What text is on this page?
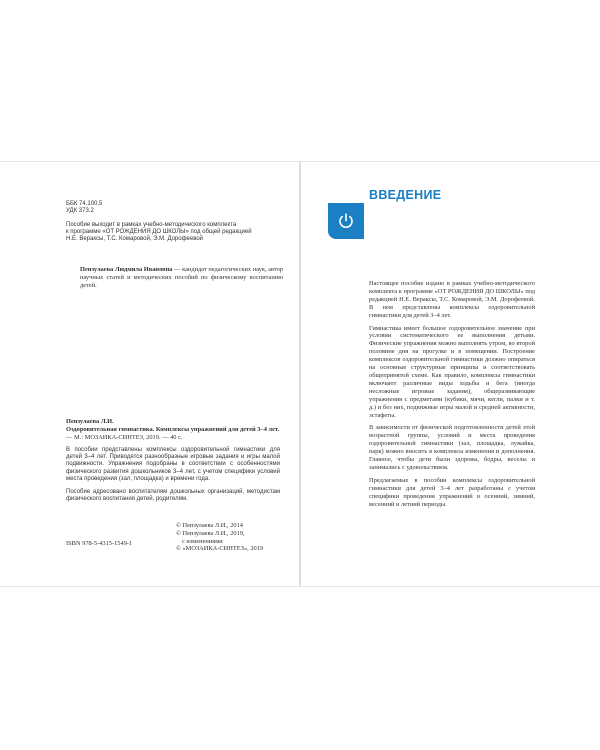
ББК 74.100.5
УДК 373.2
Пособие выходит в рамках учебно-методического комплекта
к программе «ОТ РОЖДЕНИЯ ДО ШКОЛЫ» под общей редакцией
Н.Е. Вераксы, Т.С. Комаровой, Э.М. Дорофеевой
Пензулаева Людмила Ивановна — кандидат педагогических наук, автор научных статей и методических пособий по физическому воспитанию детей.
Пензулаева Л.И.
Оздоровительная гимнастика. Комплексы упражнений для детей 3–4 лет. — М.: МОЗАИКА-СИНТЕЗ, 2019. — 40 с.

В пособии представлены комплексы оздоровительной гимнастики для детей 3–4 лет. Приводятся разнообразные игровые задания и игры малой подвижности. Упражнения подобраны в соответствии с особенностями физического развития дошкольников 3–4 лет, с учетом специфики условий места проведения (зал, площадка) и времени года.

Пособие адресовано воспитателям дошкольных организаций, методистам физического воспитания детей, родителям.

© Пензулаева Л.И., 2014
© Пензулаева Л.И., 2019,
с изменениями
© «МОЗАИКА-СИНТЕЗ», 2019
ISBN 978-5-4315-1549-1
ВВЕДЕНИЕ

Настоящее пособие издано в рамках учебно-методического комплекта к программе «ОТ РОЖДЕНИЯ ДО ШКОЛЫ» под редакцией Н.Е. Вераксы, Т.С. Комаровой, Э.М. Дорофеевой. В нем представлены комплексы оздоровительной гимнастики для детей 3–4 лет.

Гимнастика имеет большое оздоровительное значение при условии систематического ее выполнения детьми. Физические упражнения можно выполнять утром, во второй половине дня на прогулке и в помещении. Построение комплексов оздоровительной гимнастики должно опираться на основные структурные принципы и соответствовать общепринятой схеме. Как правило, комплексы гимнастики включают различные виды ходьбы и бега (иногда несложные игровые задания), общеразвивающие упражнения с предметами (кубики, мячи, кегли, палки и т. д.) и без них, подвижные игры малой и средней активности, эстафеты.

В зависимости от физической подготовленности детей этой возрастной группы, условий и места проведения оздоровительной гимнастики (зал, площадка, лужайка, парк) можно вносить в комплексы изменения и дополнения. Главное, чтобы дети были здоровы, бодры, веселы и занимались с удовольствием.

Предлагаемые в пособии комплексы оздоровительной гимнастики для детей 3–4 лет разработаны с учетом специфики проведения упражнений в осенний, зимний, весенний и летний периоды.
